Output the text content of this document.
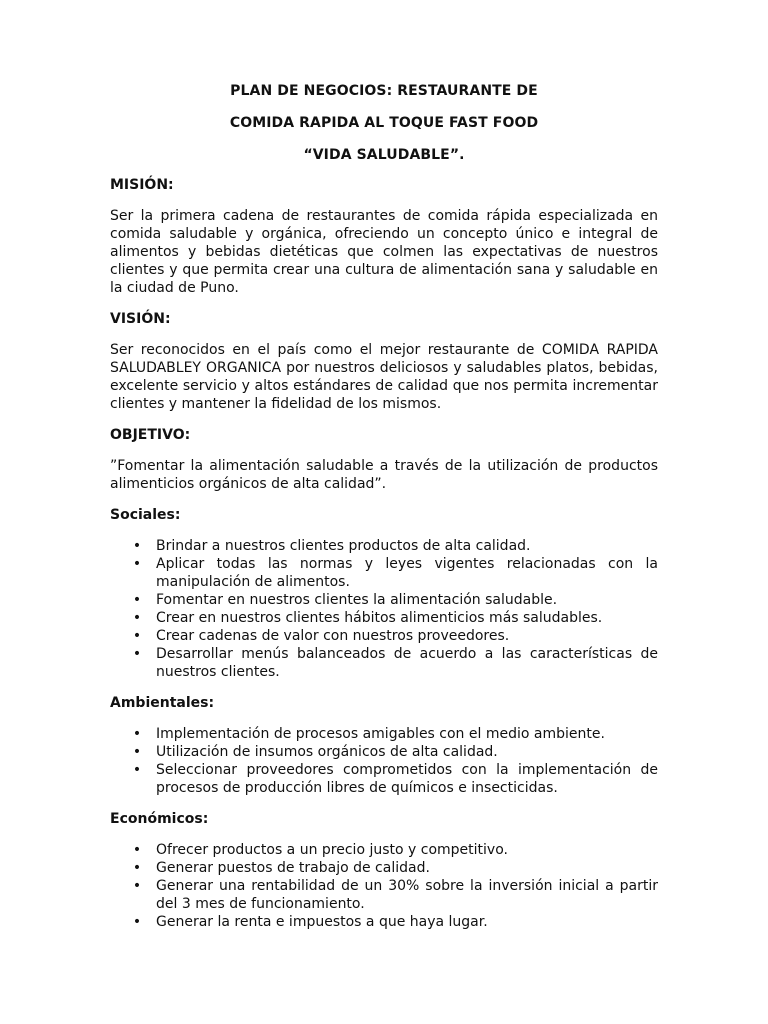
PLAN DE NEGOCIOS: RESTAURANTE DE
COMIDA RAPIDA AL TOQUE FAST FOOD
“VIDA SALUDABLE”.
MISIÓN:

Ser la primera cadena de restaurantes de comida rápida especializada en comida saludable y orgánica, ofreciendo un concepto único e integral de alimentos y bebidas dietéticas que colmen las expectativas de nuestros clientes y que permita crear una cultura de alimentación sana y saludable en la ciudad de Puno.

VISIÓN:

Ser reconocidos en el país como el mejor restaurante de COMIDA RAPIDA SALUDABLEY ORGANICA por nuestros deliciosos y saludables platos, bebidas, excelente servicio y altos estándares de calidad que nos permita incrementar clientes y mantener la fidelidad de los mismos.

OBJETIVO:

”Fomentar la alimentación saludable a través de la utilización de productos alimenticios orgánicos de alta calidad”.

Sociales:
• Brindar a nuestros clientes productos de alta calidad.
• Aplicar todas las normas y leyes vigentes relacionadas con la manipulación de alimentos.
• Fomentar en nuestros clientes la alimentación saludable.
• Crear en nuestros clientes hábitos alimenticios más saludables.
• Crear cadenas de valor con nuestros proveedores.
• Desarrollar menús balanceados de acuerdo a las características de nuestros clientes.
Ambientales:
• Implementación de procesos amigables con el medio ambiente.
• Utilización de insumos orgánicos de alta calidad.
• Seleccionar proveedores comprometidos con la implementación de procesos de producción libres de químicos e insecticidas.
Económicos:
• Ofrecer productos a un precio justo y competitivo.
• Generar puestos de trabajo de calidad.
• Generar una rentabilidad de un 30% sobre la inversión inicial a partir del 3 mes de funcionamiento.
• Generar la renta e impuestos a que haya lugar.
